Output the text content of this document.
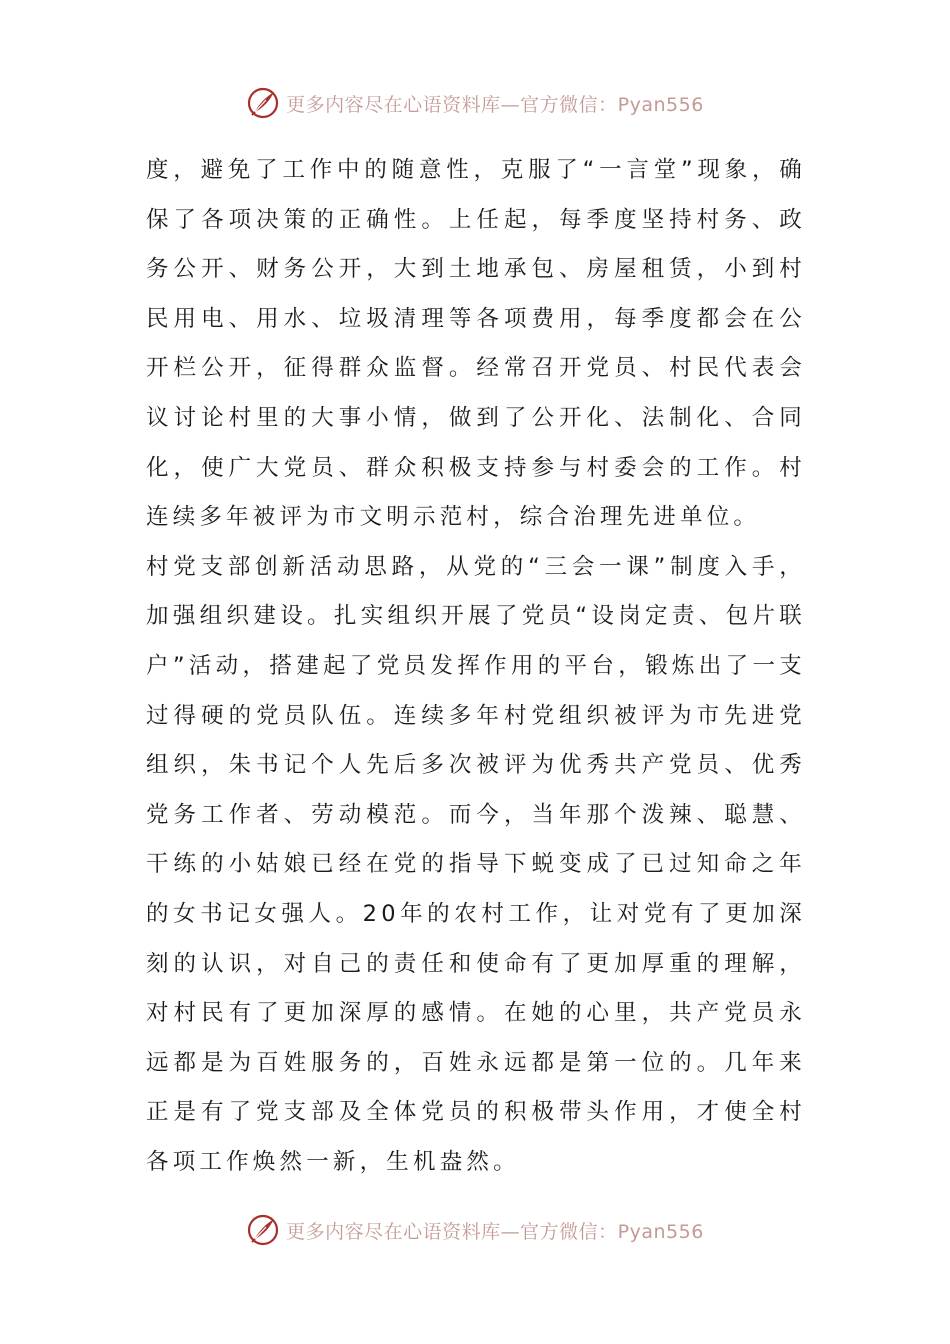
更多内容尽在心语资料库—官方微信：Pyan556

度，避免了工作中的随意性，克服了“一言堂”现象，确保了各项决策的正确性。上任起，每季度坚持村务、政务公开、财务公开，大到土地承包、房屋租赁，小到村民用电、用水、垃圾清理等各项费用，每季度都会在公开栏公开，征得群众监督。经常召开党员、村民代表会议讨论村里的大事小情，做到了公开化、法制化、合同化，使广大党员、群众积极支持参与村委会的工作。村连续多年被评为市文明示范村，综合治理先进单位。

村党支部创新活动思路，从党的“三会一课”制度入手，加强组织建设。扎实组织开展了党员“设岗定责、包片联户”活动，搭建起了党员发挥作用的平台，锻炼出了一支过得硬的党员队伍。连续多年村党组织被评为市先进党组织，朱书记个人先后多次被评为优秀共产党员、优秀党务工作者、劳动模范。而今，当年那个泼辣、聪慧、干练的小姑娘已经在党的指导下蜕变成了已过知命之年的女书记女强人。20年的农村工作，让对党有了更加深刻的认识，对自己的责任和使命有了更加厚重的理解，对村民有了更加深厚的感情。在她的心里，共产党员永远都是为百姓服务的，百姓永远都是第一位的。几年来正是有了党支部及全体党员的积极带头作用，才使全村各项工作焕然一新，生机盎然。

更多内容尽在心语资料库—官方微信：Pyan556
